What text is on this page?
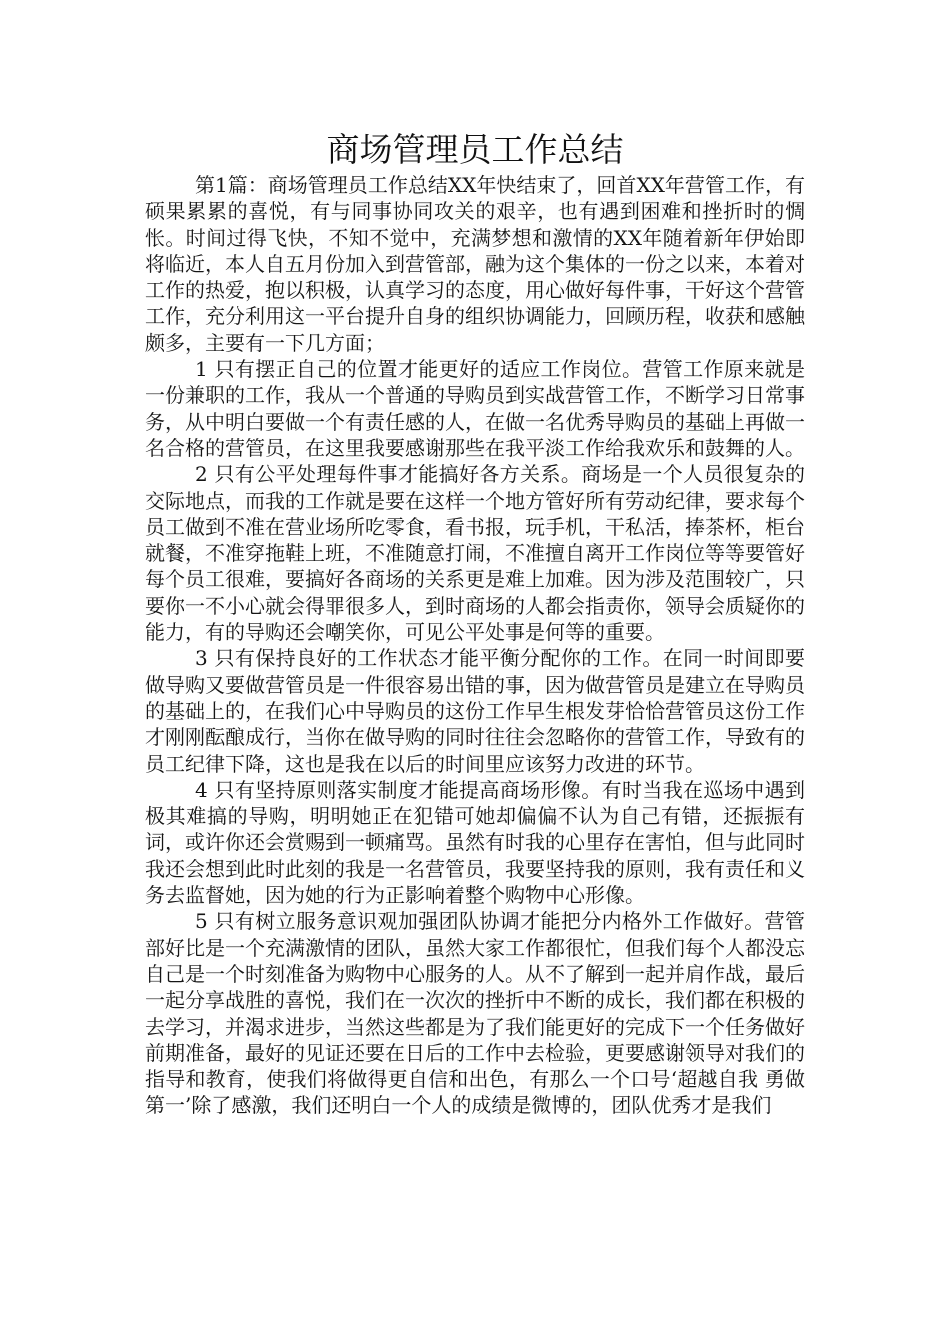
商场管理员工作总结

第1篇：商场管理员工作总结XX年快结束了，回首XX年营管工作，有硕果累累的喜悦，有与同事协同攻关的艰辛，也有遇到困难和挫折时的惆怅。时间过得飞快，不知不觉中，充满梦想和激情的XX年随着新年伊始即将临近，本人自五月份加入到营管部，融为这个集体的一份之以来，本着对工作的热爱，抱以积极，认真学习的态度，用心做好每件事，干好这个营管工作，充分利用这一平台提升自身的组织协调能力，回顾历程，收获和感触颇多，主要有一下几方面；

1 只有摆正自己的位置才能更好的适应工作岗位。营管工作原来就是一份兼职的工作，我从一个普通的导购员到实战营管工作，不断学习日常事务，从中明白要做一个有责任感的人，在做一名优秀导购员的基础上再做一名合格的营管员，在这里我要感谢那些在我平淡工作给我欢乐和鼓舞的人。

2 只有公平处理每件事才能搞好各方关系。商场是一个人员很复杂的交际地点，而我的工作就是要在这样一个地方管好所有劳动纪律，要求每个员工做到不准在营业场所吃零食，看书报，玩手机，干私活，捧茶杯，柜台就餐，不准穿拖鞋上班，不准随意打闹，不准擅自离开工作岗位等等要管好每个员工很难，要搞好各商场的关系更是难上加难。因为涉及范围较广，只要你一不小心就会得罪很多人，到时商场的人都会指责你，领导会质疑你的能力，有的导购还会嘲笑你，可见公平处事是何等的重要。

3 只有保持良好的工作状态才能平衡分配你的工作。在同一时间即要做导购又要做营管员是一件很容易出错的事，因为做营管员是建立在导购员的基础上的，在我们心中导购员的这份工作早生根发芽恰恰营管员这份工作才刚刚酝酿成行，当你在做导购的同时往往会忽略你的营管工作，导致有的员工纪律下降，这也是我在以后的时间里应该努力改进的环节。

4 只有坚持原则落实制度才能提高商场形像。有时当我在巡场中遇到极其难搞的导购，明明她正在犯错可她却偏偏不认为自己有错，还振振有词，或许你还会赏赐到一顿痛骂。虽然有时我的心里存在害怕，但与此同时我还会想到此时此刻的我是一名营管员，我要坚持我的原则，我有责任和义务去监督她，因为她的行为正影响着整个购物中心形像。

5 只有树立服务意识观加强团队协调才能把分内格外工作做好。营管部好比是一个充满激情的团队，虽然大家工作都很忙，但我们每个人都没忘自己是一个时刻准备为购物中心服务的人。从不了解到一起并肩作战，最后一起分享战胜的喜悦，我们在一次次的挫折中不断的成长，我们都在积极的去学习，并渴求进步，当然这些都是为了我们能更好的完成下一个任务做好前期准备，最好的见证还要在日后的工作中去检验，更要感谢领导对我们的指导和教育，使我们将做得更自信和出色，有那么一个口号‘超越自我 勇做第一’除了感激，我们还明白一个人的成绩是微博的，团队优秀才是我们
